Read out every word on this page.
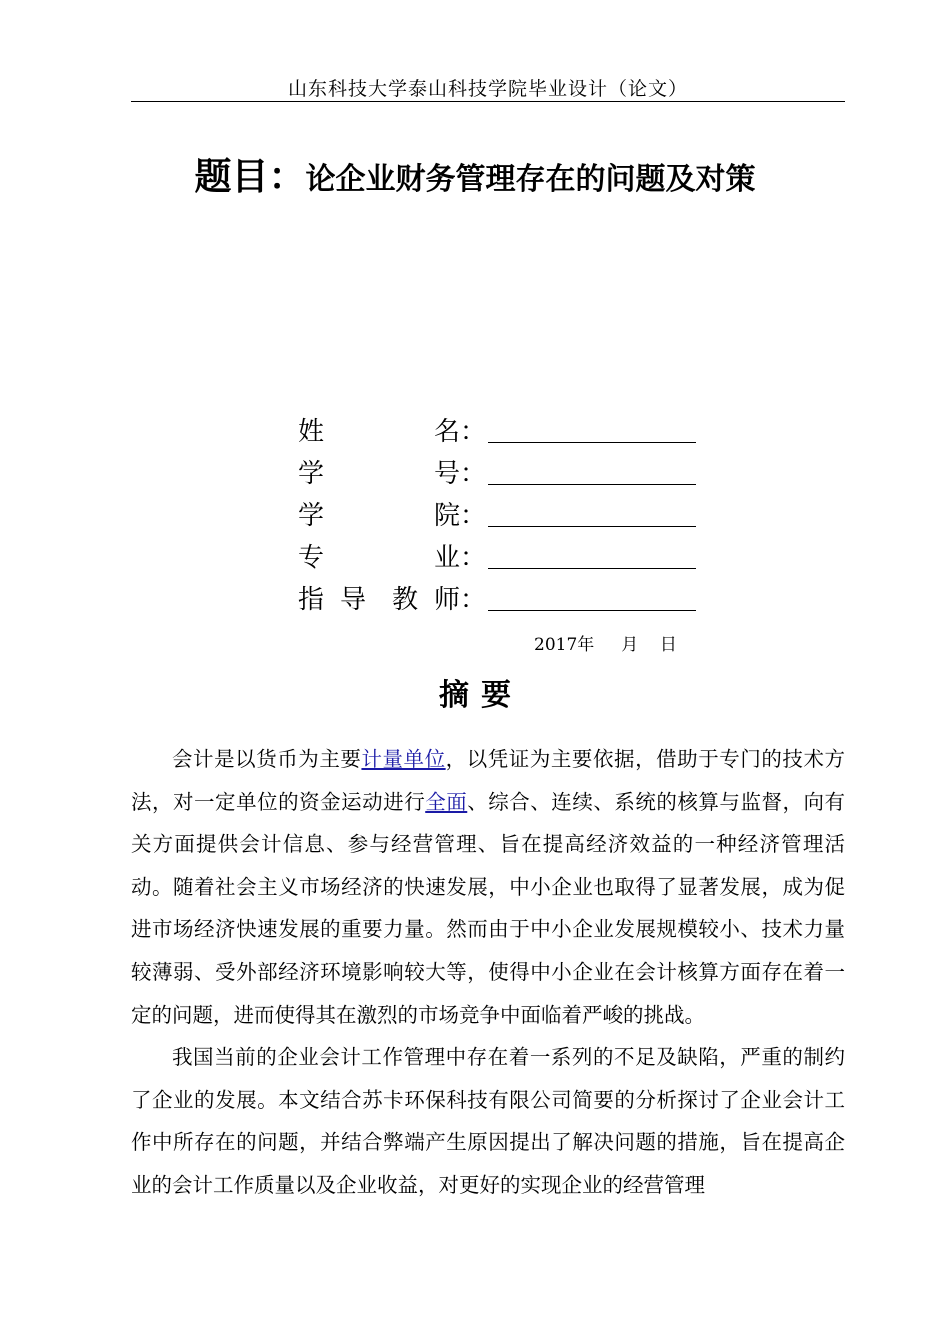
山东科技大学泰山科技学院毕业设计（论文）
题目：论企业财务管理存在的问题及对策
姓	名 ：
学	号 ：
学	院 ：
专	业 ：
指 导 教 师 ：
2017年 月 日
摘要

会计是以货币为主要计量单位，以凭证为主要依据，借助于专门的技术方法，对一定单位的资金运动进行全面、综合、连续、系统的核算与监督，向有关方面提供会计信息、参与经营管理、旨在提高经济效益的一种经济管理活动。随着社会主义市场经济的快速发展，中小企业也取得了显著发展，成为促进市场经济快速发展的重要力量。然而由于中小企业发展规模较小、技术力量较薄弱、受外部经济环境影响较大等，使得中小企业在会计核算方面存在着一定的问题，进而使得其在激烈的市场竞争中面临着严峻的挑战。

我国当前的企业会计工作管理中存在着一系列的不足及缺陷，严重的制约了企业的发展。本文结合苏卡环保科技有限公司简要的分析探讨了企业会计工作中所存在的问题，并结合弊端产生原因提出了解决问题的措施，旨在提高企业的会计工作质量以及企业收益，对更好的实现企业的经营管理
